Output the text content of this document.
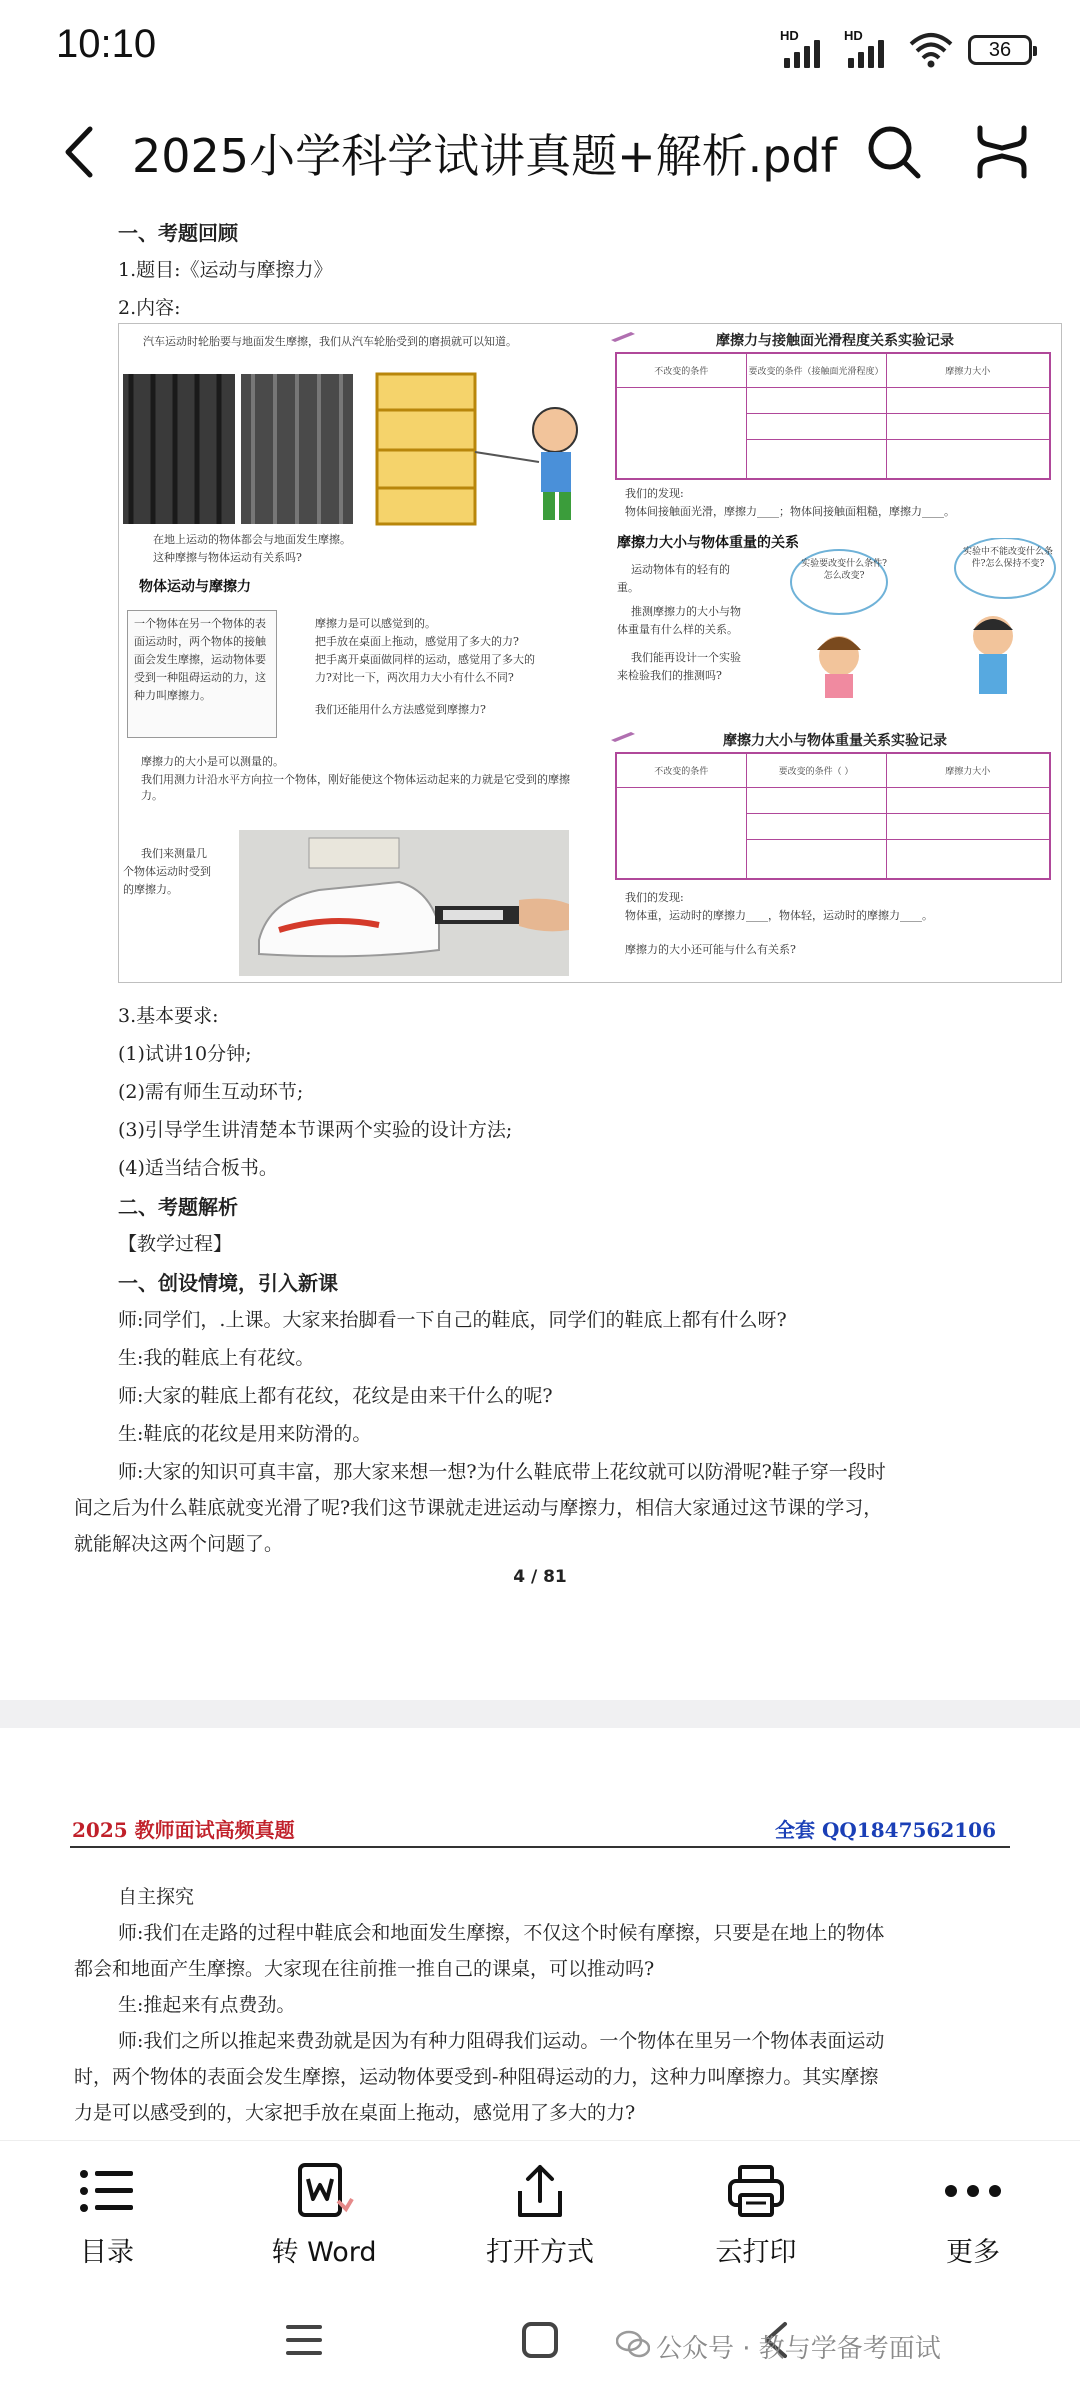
10:10	HD	HD
36
2025小学科学试讲真题+解析.pdf
一、考题回顾
1.题目:《运动与摩擦力》
2.内容:
汽车运动时轮胎要与地面发生摩擦，我们从汽车轮胎受到的磨损就可以知道。
在地上运动的物体都会与地面发生摩擦。
这种摩擦与物体运动有关系吗?
物体运动与摩擦力
一个物体在另一个物体的表面运动时，两个物体的接触面会发生摩擦，运动物体要受到一种阻碍运动的力，这种力叫摩擦力。
摩擦力是可以感觉到的。
把手放在桌面上拖动，感觉用了多大的力?
把手离开桌面做同样的运动，感觉用了多大的
力?对比一下，两次用力大小有什么不同?
我们还能用什么方法感觉到摩擦力?
摩擦力的大小是可以测量的。
我们用测力计沿水平方向拉一个物体，刚好能使这个物体运动起来的力就是它受到的摩擦力。
我们来测量几
个物体运动时受到
的摩擦力。
摩擦力与接触面光滑程度关系实验记录
不改变的条件	要改变的条件（接触面光滑程度）	摩擦力大小

我们的发现:
物体间接触面光滑，摩擦力____；物体间接触面粗糙，摩擦力____。
摩擦力大小与物体重量的关系
运动物体有的轻有的
重。
推测摩擦力的大小与物
体重量有什么样的关系。
我们能再设计一个实验
来检验我们的推测吗?
实验要改变什么条件?怎么改变?
实验中不能改变什么条件?怎么保持不变?
摩擦力大小与物体重量关系实验记录
不改变的条件	要改变的条件（ ）	摩擦力大小

我们的发现:
物体重，运动时的摩擦力____，物体轻，运动时的摩擦力____。
摩擦力的大小还可能与什么有关系?
3.基本要求:
(1)试讲10分钟;
(2)需有师生互动环节;
(3)引导学生讲清楚本节课两个实验的设计方法;
(4)适当结合板书。
二、考题解析
【教学过程】
一、创设情境，引入新课
师:同学们，.上课。大家来抬脚看一下自己的鞋底，同学们的鞋底上都有什么呀?
生:我的鞋底上有花纹。
师:大家的鞋底上都有花纹，花纹是由来干什么的呢?
生:鞋底的花纹是用来防滑的。
师:大家的知识可真丰富，那大家来想一想?为什么鞋底带上花纹就可以防滑呢?鞋子穿一段时
间之后为什么鞋底就变光滑了呢?我们这节课就走进运动与摩擦力，相信大家通过这节课的学习，
就能解决这两个问题了。
4 / 81
2025 教师面试高频真题	全套 QQ1847562106
自主探究
师:我们在走路的过程中鞋底会和地面发生摩擦，不仅这个时候有摩擦，只要是在地上的物体
都会和地面产生摩擦。大家现在往前推一推自己的课桌，可以推动吗?
生:推起来有点费劲。
师:我们之所以推起来费劲就是因为有种力阻碍我们运动。一个物体在里另一个物体表面运动
时，两个物体的表面会发生摩擦，运动物体要受到-种阻碍运动的力，这种力叫摩擦力。其实摩擦
力是可以感受到的，大家把手放在桌面上拖动，感觉用了多大的力?
目录	转 Word	打开方式	云打印	更多
公众号 · 教与学备考面试
